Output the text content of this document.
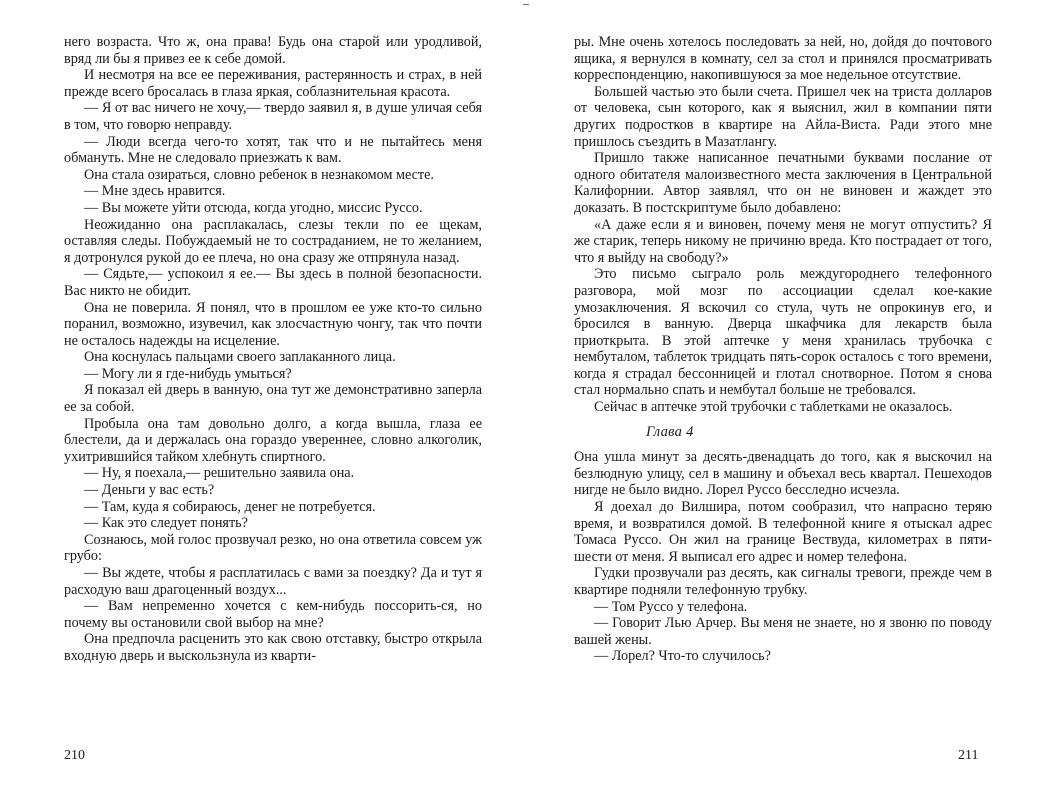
него возраста. Что ж, она права! Будь она старой или уродливой, вряд ли бы я привез ее к себе домой.

И несмотря на все ее переживания, растерянность и страх, в ней прежде всего бросалась в глаза яркая, соблазнительная красота.

— Я от вас ничего не хочу,— твердо заявил я, в душе уличая себя в том, что говорю неправду.

— Люди всегда чего-то хотят, так что и не пытайтесь меня обмануть. Мне не следовало приезжать к вам.

Она стала озираться, словно ребенок в незнакомом месте.

— Мне здесь нравится.

— Вы можете уйти отсюда, когда угодно, миссис Руссо.

Неожиданно она расплакалась, слезы текли по ее щекам, оставляя следы. Побуждаемый не то состраданием, не то желанием, я дотронулся рукой до ее плеча, но она сразу же отпрянула назад.

— Сядьте,— успокоил я ее.— Вы здесь в полной безопасности. Вас никто не обидит.

Она не поверила. Я понял, что в прошлом ее уже кто-то сильно поранил, возможно, изувечил, как злосчастную чонгу, так что почти не осталось надежды на исцеление.

Она коснулась пальцами своего заплаканного лица.

— Могу ли я где-нибудь умыться?

Я показал ей дверь в ванную, она тут же демонстративно заперла ее за собой.

Пробыла она там довольно долго, а когда вышла, глаза ее блестели, да и держалась она гораздо увереннее, словно алкоголик, ухитрившийся тайком хлебнуть спиртного.

— Ну, я поехала,— решительно заявила она.

— Деньги у вас есть?

— Там, куда я собираюсь, денег не потребуется.

— Как это следует понять?

Сознаюсь, мой голос прозвучал резко, но она ответила совсем уж грубо:

— Вы ждете, чтобы я расплатилась с вами за поездку? Да и тут я расходую ваш драгоценный воздух...

— Вам непременно хочется с кем-нибудь поссорить-ся, но почему вы остановили свой выбор на мне?

Она предпочла расценить это как свою отставку, быстро открыла входную дверь и выскользнула из кварти-

210

ры. Мне очень хотелось последовать за ней, но, дойдя до почтового ящика, я вернулся в комнату, сел за стол и принялся просматривать корреспонденцию, накопившуюся за мое недельное отсутствие.

Большей частью это были счета. Пришел чек на триста долларов от человека, сын которого, как я выяснил, жил в компании пяти других подростков в квартире на Айла-Виста. Ради этого мне пришлось съездить в Мазатлангу.

Пришло также написанное печатными буквами послание от одного обитателя малоизвестного места заключения в Центральной Калифорнии. Автор заявлял, что он не виновен и жаждет это доказать. В постскриптуме было добавлено:

«А даже если я и виновен, почему меня не могут отпустить? Я же старик, теперь никому не причиню вреда. Кто пострадает от того, что я выйду на свободу?»

Это письмо сыграло роль междугороднего телефонного разговора, мой мозг по ассоциации сделал кое-какие умозаключения. Я вскочил со стула, чуть не опрокинув его, и бросился в ванную. Дверца шкафчика для лекарств была приоткрыта. В этой аптечке у меня хранилась трубочка с нембуталом, таблеток тридцать пять-сорок осталось с того времени, когда я страдал бессонницей и глотал снотворное. Потом я снова стал нормально спать и нембутал больше не требовался.

Сейчас в аптечке этой трубочки с таблетками не оказалось.

Глава 4

Она ушла минут за десять-двенадцать до того, как я выскочил на безлюдную улицу, сел в машину и объехал весь квартал. Пешеходов нигде не было видно. Лорел Руссо бесследно исчезла.

Я доехал до Вилшира, потом сообразил, что напрасно теряю время, и возвратился домой. В телефонной книге я отыскал адрес Томаса Руссо. Он жил на границе Вествуда, километрах в пяти-шести от меня. Я выписал его адрес и номер телефона.

Гудки прозвучали раз десять, как сигналы тревоги, прежде чем в квартире подняли телефонную трубку.

— Том Руссо у телефона.

— Говорит Лью Арчер. Вы меня не знаете, но я звоню по поводу вашей жены.

— Лорел? Что-то случилось?

211
